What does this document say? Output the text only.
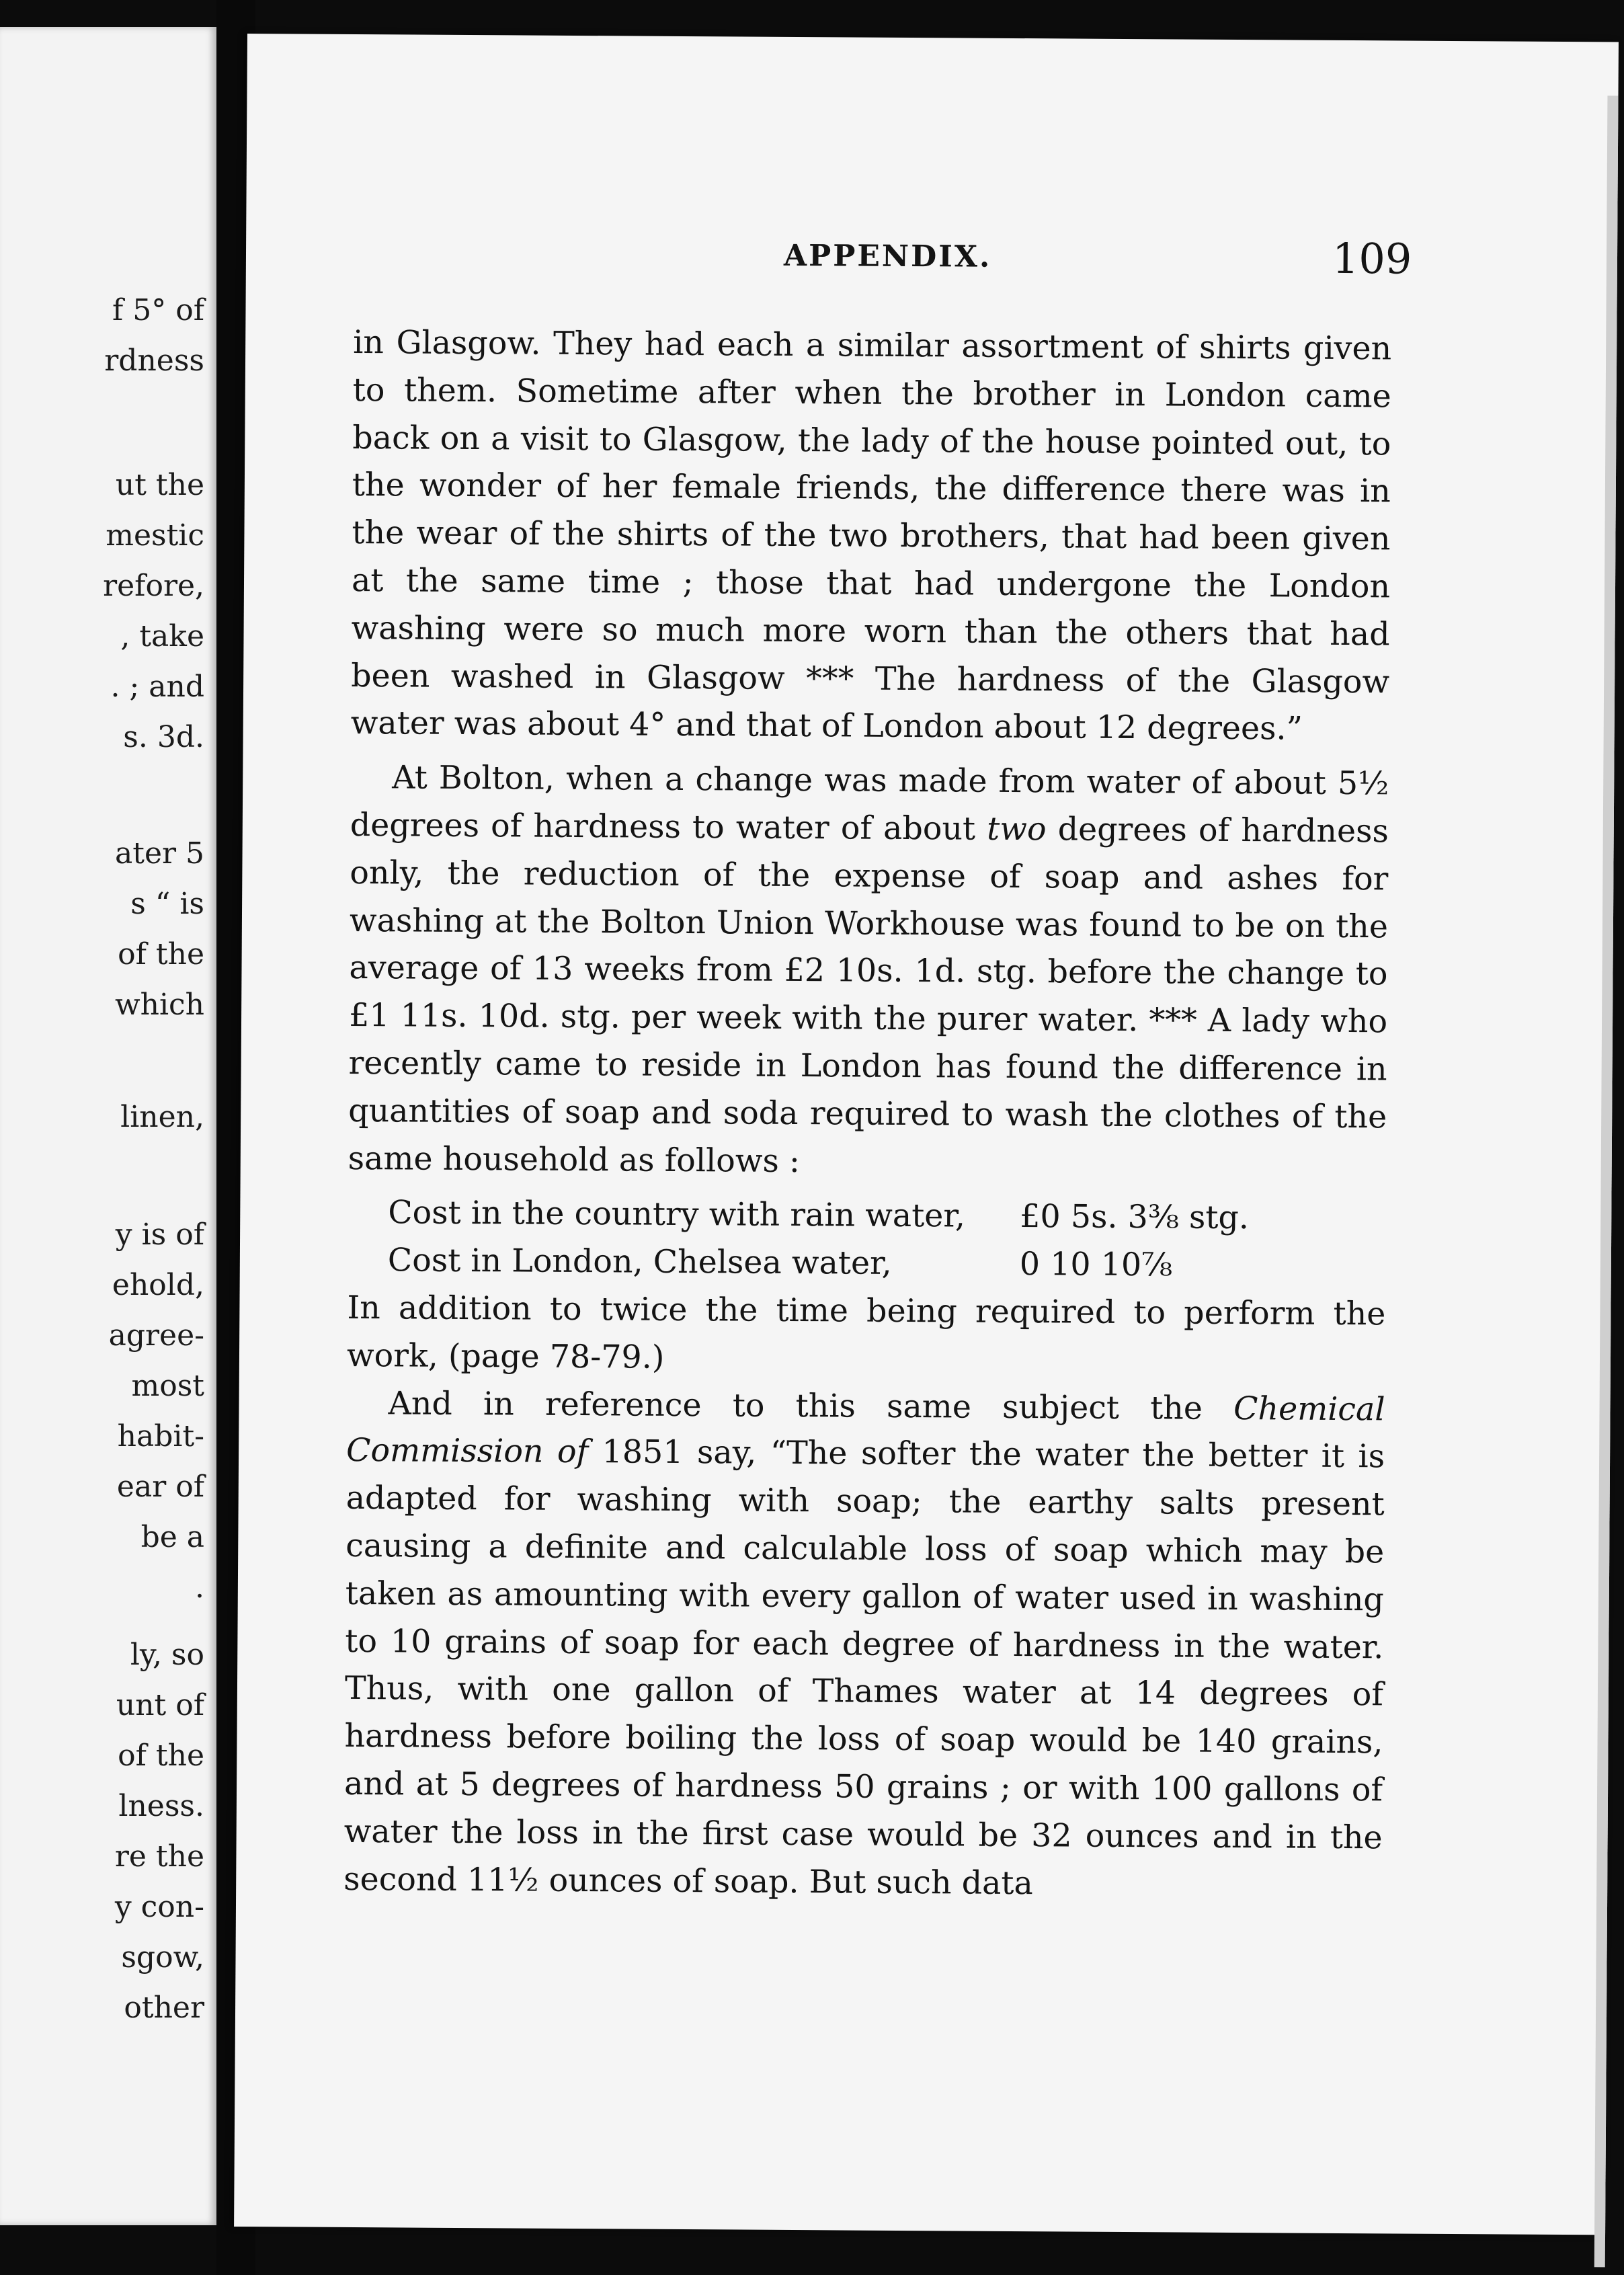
f 5° of
rdness
ut the
mestic
refore,
, take
. ; and
s. 3d.
ater 5
s “ is
of the
which
linen,
y is of
ehold,
agree-
most
habit-
ear of
be a
.
ly, so
unt of
of the
lness.
re the
y con-
sgow,
other
APPENDIX.	109

in Glasgow. They had each a similar assortment of shirts given to them. Sometime after when the brother in London came back on a visit to Glasgow, the lady of the house pointed out, to the wonder of her female friends, the difference there was in the wear of the shirts of the two brothers, that had been given at the same time ; those that had undergone the London washing were so much more worn than the others that had been washed in Glasgow *** The hardness of the Glasgow water was about 4° and that of London about 12 degrees.”

At Bolton, when a change was made from water of about 5½ degrees of hardness to water of about two degrees of hardness only, the reduction of the expense of soap and ashes for washing at the Bolton Union Workhouse was found to be on the average of 13 weeks from £2 10s. 1d. stg. before the change to £1 11s. 10d. stg. per week with the purer water. *** A lady who recently came to reside in London has found the difference in quantities of soap and soda required to wash the clothes of the same household as follows :

Cost in the country with rain water, £0 5s. 3⅜ stg.
Cost in London, Chelsea water,	0 10 10⅞

In addition to twice the time being required to perform the work, (page 78-79.)

And in reference to this same subject the Chemical Commission of 1851 say, “The softer the water the better it is adapted for washing with soap; the earthy salts present causing a definite and calculable loss of soap which may be taken as amounting with every gallon of water used in washing to 10 grains of soap for each degree of hardness in the water. Thus, with one gallon of Thames water at 14 degrees of hardness before boiling the loss of soap would be 140 grains, and at 5 degrees of hardness 50 grains ; or with 100 gallons of water the loss in the first case would be 32 ounces and in the second 11½ ounces of soap. But such data
